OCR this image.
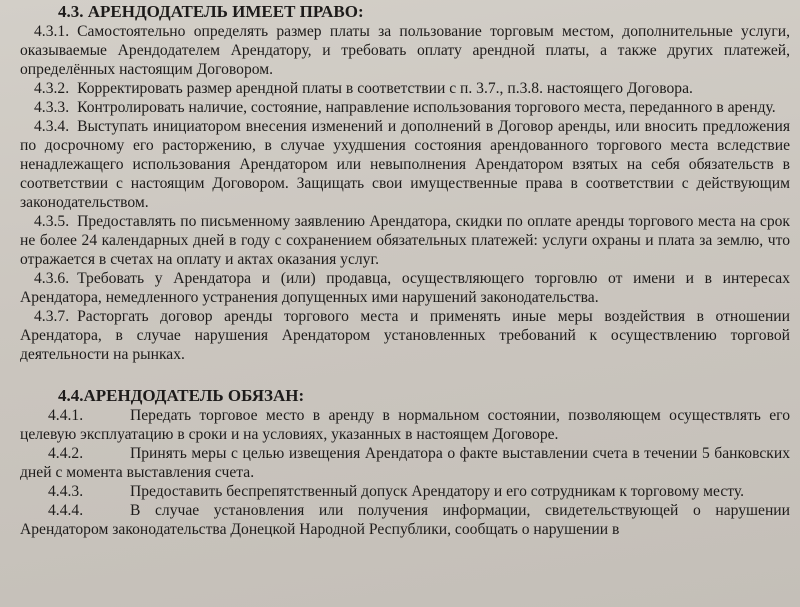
4.3. АРЕНДОДАТЕЛЬ ИМЕЕТ ПРАВО:
4.3.1. Самостоятельно определять размер платы за пользование торговым местом, дополнительные услуги, оказываемые Арендодателем Арендатору, и требовать оплату арендной платы, а также других платежей, определённых настоящим Договором.
4.3.2. Корректировать размер арендной платы в соответствии с п. 3.7., п.3.8. настоящего Договора.
4.3.3. Контролировать наличие, состояние, направление использования торгового места, переданного в аренду.
4.3.4. Выступать инициатором внесения изменений и дополнений в Договор аренды, или вносить предложения по досрочному его расторжению, в случае ухудшения состояния арендованного торгового места вследствие ненадлежащего использования Арендатором или невыполнения Арендатором взятых на себя обязательств в соответствии с настоящим Договором. Защищать свои имущественные права в соответствии с действующим законодательством.
4.3.5. Предоставлять по письменному заявлению Арендатора, скидки по оплате аренды торгового места на срок не более 24 календарных дней в году с сохранением обязательных платежей: услуги охраны и плата за землю, что отражается в счетах на оплату и актах оказания услуг.
4.3.6. Требовать у Арендатора и (или) продавца, осуществляющего торговлю от имени и в интересах Арендатора, немедленного устранения допущенных ими нарушений законодательства.
4.3.7. Расторгать договор аренды торгового места и применять иные меры воздействия в отношении Арендатора, в случае нарушения Арендатором установленных требований к осуществлению торговой деятельности на рынках.
4.4.АРЕНДОДАТЕЛЬ ОБЯЗАН:
4.4.1.	Передать торговое место в аренду в нормальном состоянии, позволяющем осуществлять его целевую эксплуатацию в сроки и на условиях, указанных в настоящем Договоре.
4.4.2.	Принять меры с целью извещения Арендатора о факте выставлении счета в течении 5 банковских дней с момента выставления счета.
4.4.3.	Предоставить беспрепятственный допуск Арендатору и его сотрудникам к торговому месту.
4.4.4.	В случае установления или получения информации, свидетельствующей о нарушении Арендатором законодательства Донецкой Народной Республики, сообщать о нарушении в
